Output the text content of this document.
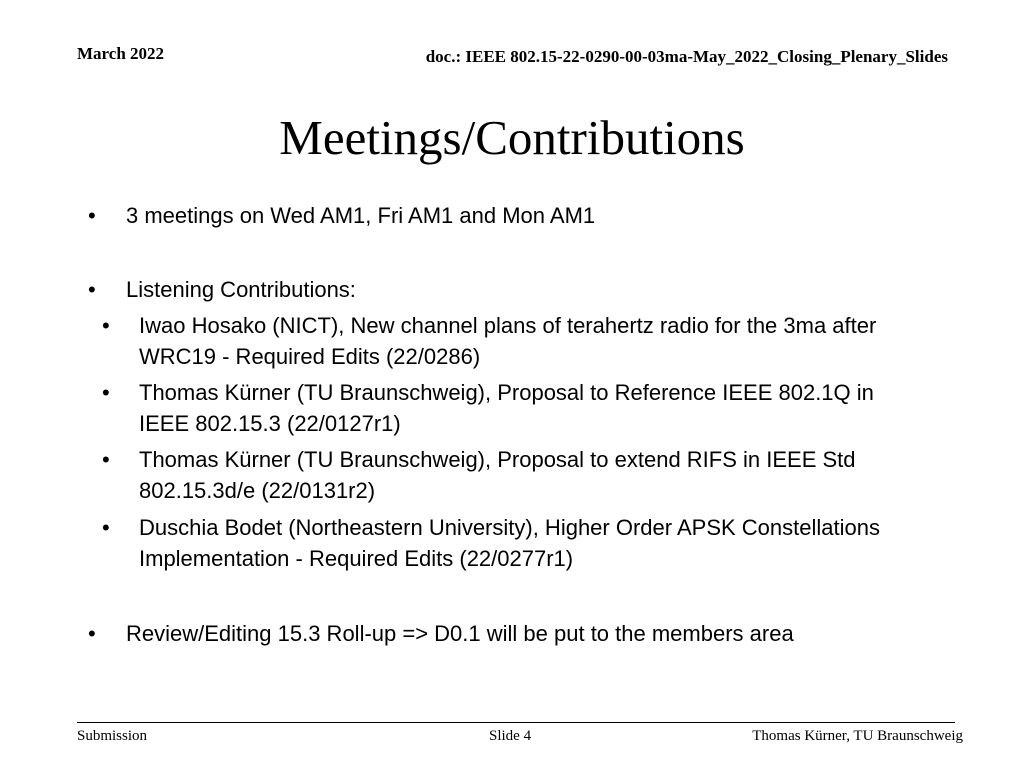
March 2022	doc.: IEEE 802.15-22-0290-00-03ma-May_2022_Closing_Plenary_Slides
Meetings/Contributions
• 3 meetings on Wed AM1, Fri AM1 and Mon AM1
• Listening Contributions:
• Iwao Hosako (NICT), New channel plans of terahertz radio for the 3ma after WRC19 - Required Edits (22/0286)
• Thomas Kürner (TU Braunschweig), Proposal to Reference IEEE 802.1Q in IEEE 802.15.3 (22/0127r1)
• Thomas Kürner (TU Braunschweig), Proposal to extend RIFS in IEEE Std 802.15.3d/e (22/0131r2)
• Duschia Bodet (Northeastern University), Higher Order APSK Constellations Implementation - Required Edits (22/0277r1)
• Review/Editing 15.3 Roll-up => D0.1 will be put to the members area
Submission	Slide 4	Thomas Kürner, TU Braunschweig
